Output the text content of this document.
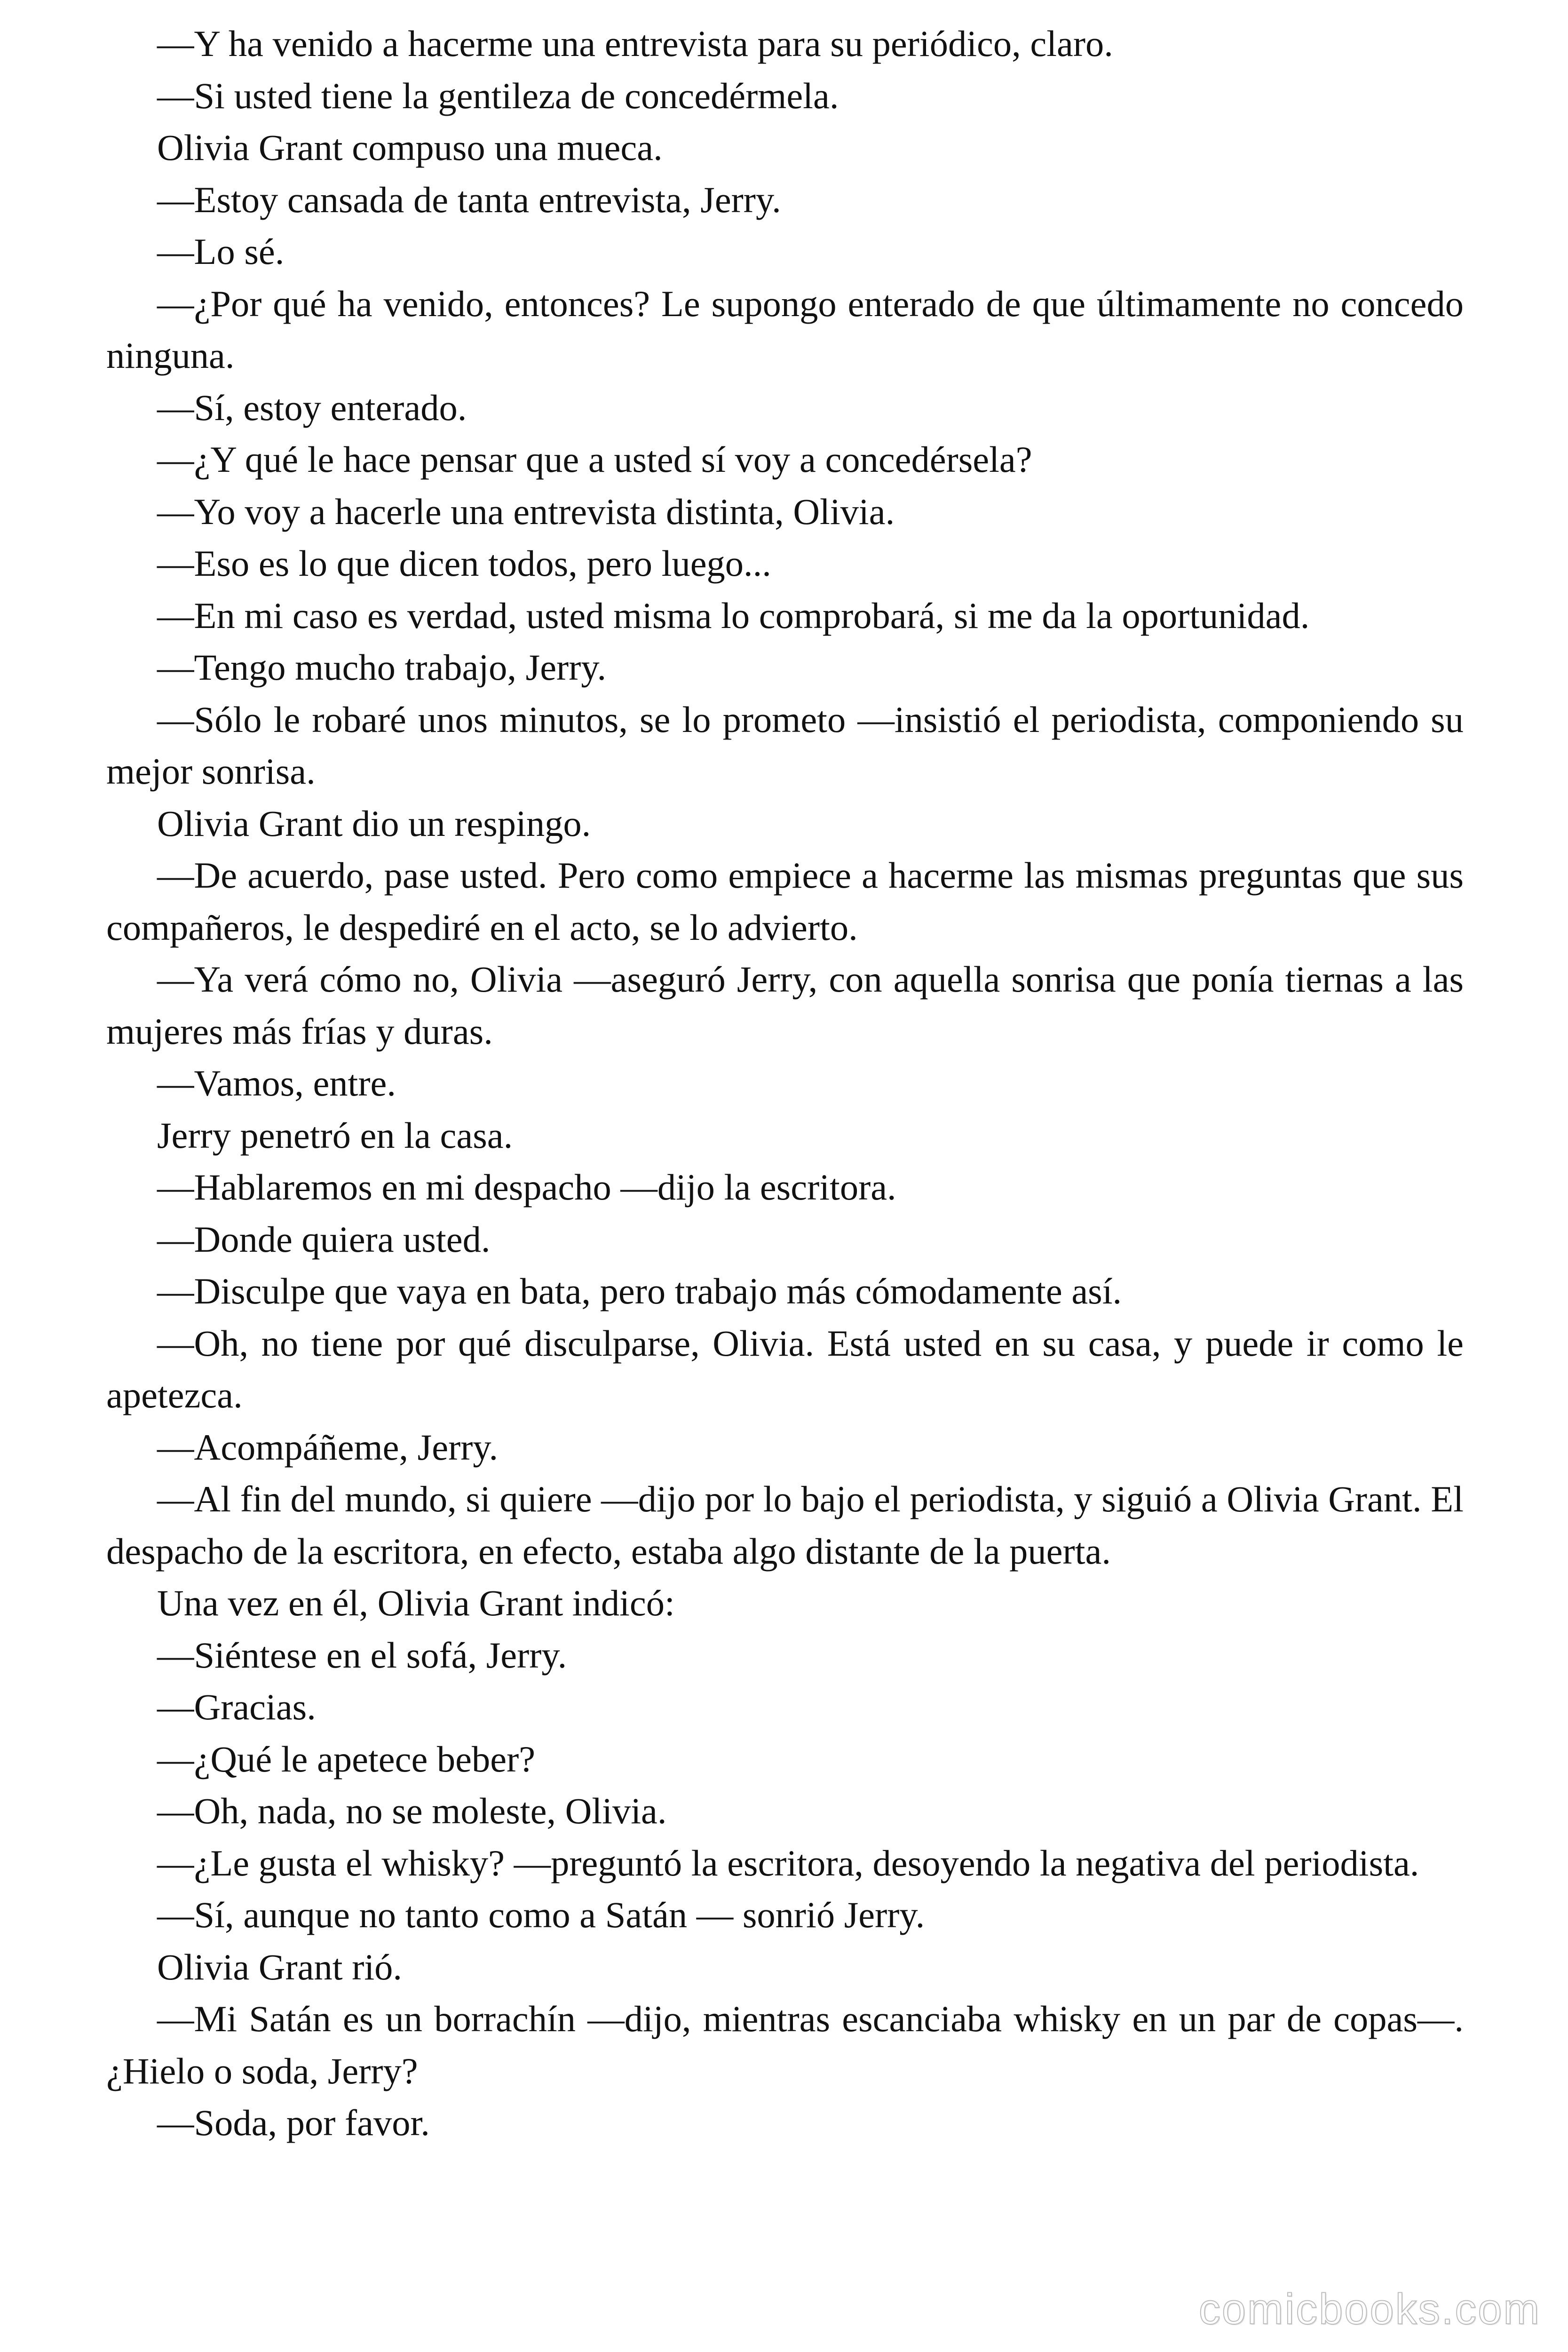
—Y ha venido a hacerme una entrevista para su periódico, claro.

—Si usted tiene la gentileza de concedérmela.

Olivia Grant compuso una mueca.

—Estoy cansada de tanta entrevista, Jerry.

—Lo sé.

—¿Por qué ha venido, entonces? Le supongo enterado de que últimamente no concedo ninguna.

—Sí, estoy enterado.

—¿Y qué le hace pensar que a usted sí voy a concedérsela?

—Yo voy a hacerle una entrevista distinta, Olivia.

—Eso es lo que dicen todos, pero luego...

—En mi caso es verdad, usted misma lo comprobará, si me da la oportunidad.

—Tengo mucho trabajo, Jerry.

—Sólo le robaré unos minutos, se lo prometo —insistió el periodista, componiendo su mejor sonrisa.

Olivia Grant dio un respingo.

—De acuerdo, pase usted. Pero como empiece a hacerme las mismas preguntas que sus compañeros, le despediré en el acto, se lo advierto.

—Ya verá cómo no, Olivia —aseguró Jerry, con aquella sonrisa que ponía tiernas a las mujeres más frías y duras.

—Vamos, entre.

Jerry penetró en la casa.

—Hablaremos en mi despacho —dijo la escritora.

—Donde quiera usted.

—Disculpe que vaya en bata, pero trabajo más cómodamente así.

—Oh, no tiene por qué disculparse, Olivia. Está usted en su casa, y puede ir como le apetezca.

—Acompáñeme, Jerry.

—Al fin del mundo, si quiere —dijo por lo bajo el periodista, y siguió a Olivia Grant. El despacho de la escritora, en efecto, estaba algo distante de la puerta.

Una vez en él, Olivia Grant indicó:

—Siéntese en el sofá, Jerry.

—Gracias.

—¿Qué le apetece beber?

—Oh, nada, no se moleste, Olivia.

—¿Le gusta el whisky? —preguntó la escritora, desoyendo la negativa del periodista.

—Sí, aunque no tanto como a Satán — sonrió Jerry.

Olivia Grant rió.

—Mi Satán es un borrachín —dijo, mientras escanciaba whisky en un par de copas—. ¿Hielo o soda, Jerry?

—Soda, por favor.

comicbooks.com
